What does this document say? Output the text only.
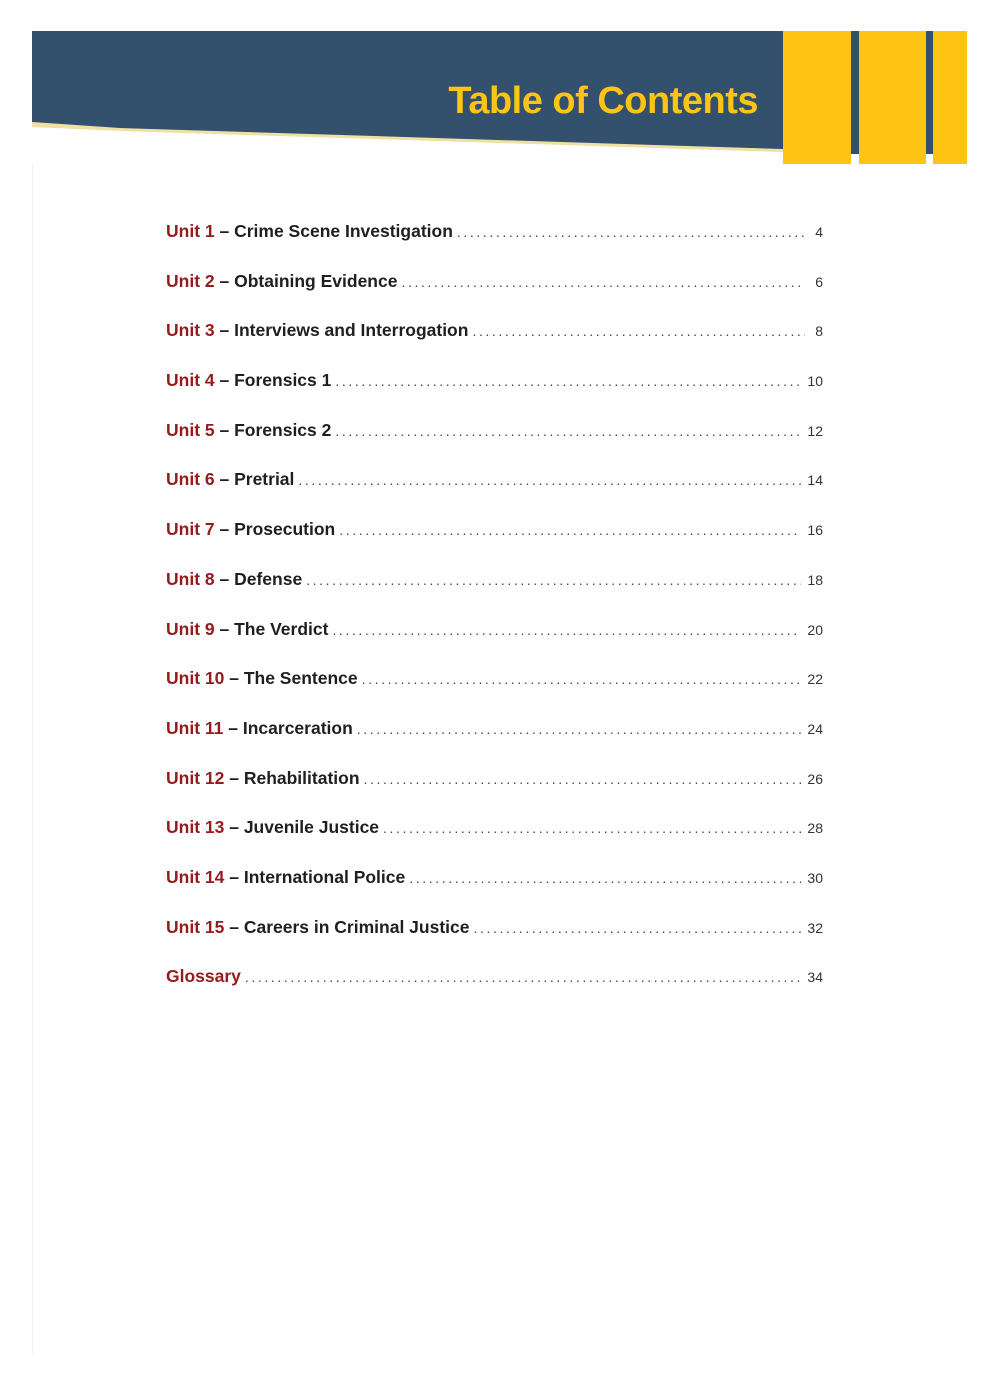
Table of Contents
Unit 1 – Crime Scene Investigation .....	4
Unit 2 – Obtaining Evidence .....	6
Unit 3 – Interviews and Interrogation .....	8
Unit 4 – Forensics 1 .....	10
Unit 5 – Forensics 2 .....	12
Unit 6 – Pretrial .....	14
Unit 7 – Prosecution .....	16
Unit 8 – Defense .....	18
Unit 9 – The Verdict .....	20
Unit 10 – The Sentence .....	22
Unit 11 – Incarceration .....	24
Unit 12 – Rehabilitation .....	26
Unit 13 – Juvenile Justice .....	28
Unit 14 – International Police .....	30
Unit 15 – Careers in Criminal Justice .....	32
Glossary .....	34
